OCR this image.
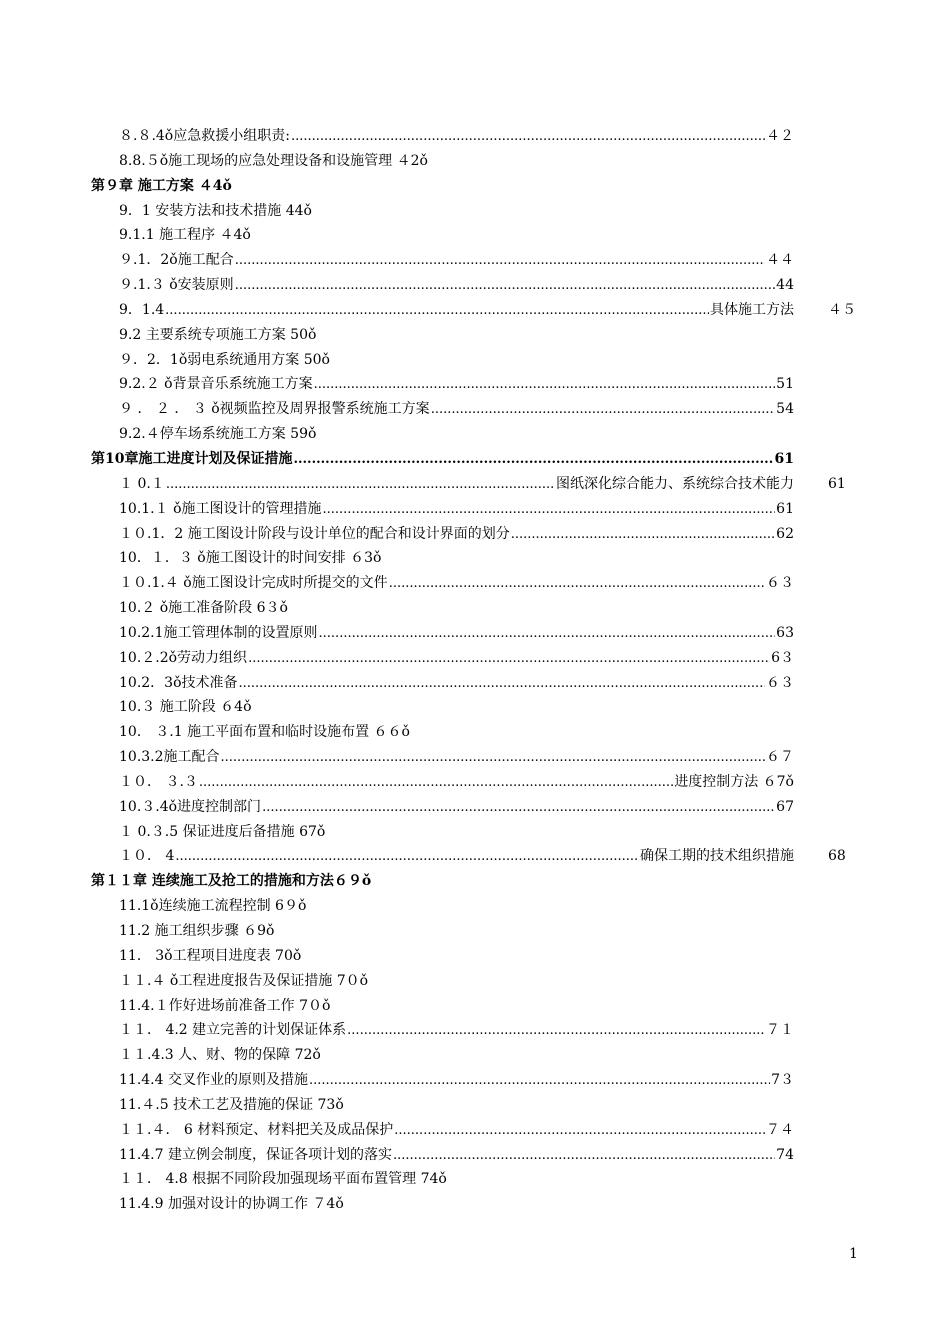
８.８.4ǒ应急救援小组职责: .....	４２
8.8.５ǒ施工现场的应急处理设备和设施管理 ４2ǒ
第９章 施工方案 ４4ǒ
9．1 安装方法和技术措施 44ǒ
9.1.1 施工程序 ４4ǒ
９.1．2ǒ施工配合 .....	４４
９.1.３ ǒ安装原则 .....	44
9．1.4 .....	具体施工方法 ４５
9.2 主要系统专项施工方案 50ǒ
９．2．1ǒ弱电系统通用方案 50ǒ
9.2.２ ǒ背景音乐系统施工方案 .....	51
９ ． ２ ． ３ ǒ视频监控及周界报警系统施工方案 .....	54
9.2.４停车场系统施工方案 59ǒ
第10章施工进度计划及保证措施 .....	61
１ 0.１ .....	图纸深化综合能力、系统综合技术能力 61
10.1.１ ǒ施工图设计的管理措施 .....	61
１０.1．2 施工图设计阶段与设计单位的配合和设计界面的划分 .....	62
10．１．３ ǒ施工图设计的时间安排 ６3ǒ
１０.1.４ ǒ施工图设计完成时所提交的文件 .....	６３
10.２ ǒ施工准备阶段 6３ǒ
10.2.1施工管理体制的设置原则 .....	63
10.２.2ǒ劳动力组织 .....	6３
10.2．3ǒ技术准备 .....	６３
10.３ 施工阶段 ６4ǒ
10． ３.1 施工平面布置和临时设施布置 ６６ǒ
10.3.2施工配合 .....	６７
１０． ３.３ .....	进度控制方法 ６7ǒ
10.３.4ǒ进度控制部门 .....	67
１ 0.３.5 保证进度后备措施 67ǒ
１０． 4 .....	确保工期的技术组织措施 68
第１１章 连续施工及抢工的措施和方法６９ǒ
11.1ǒ连续施工流程控制 6９ǒ
11.2 施工组织步骤 ６9ǒ
11． 3ǒ工程项目进度表 70ǒ
１１.４ ǒ工程进度报告及保证措施 7０ǒ
11.4.１作好进场前准备工作 7０ǒ
１１． 4.2 建立完善的计划保证体系 .....	７１
１１.4.3 人、财、物的保障 72ǒ
11.4.4 交叉作业的原则及措施 .....	7３
11.４.5 技术工艺及措施的保证 73ǒ
１１.４． 6 材料预定、材料把关及成品保护 .....	７４
11.4.7 建立例会制度，保证各项计划的落实 .....	74
１１． 4.8 根据不同阶段加强现场平面布置管理 74ǒ
11.4.9 加强对设计的协调工作 ７4ǒ
1
